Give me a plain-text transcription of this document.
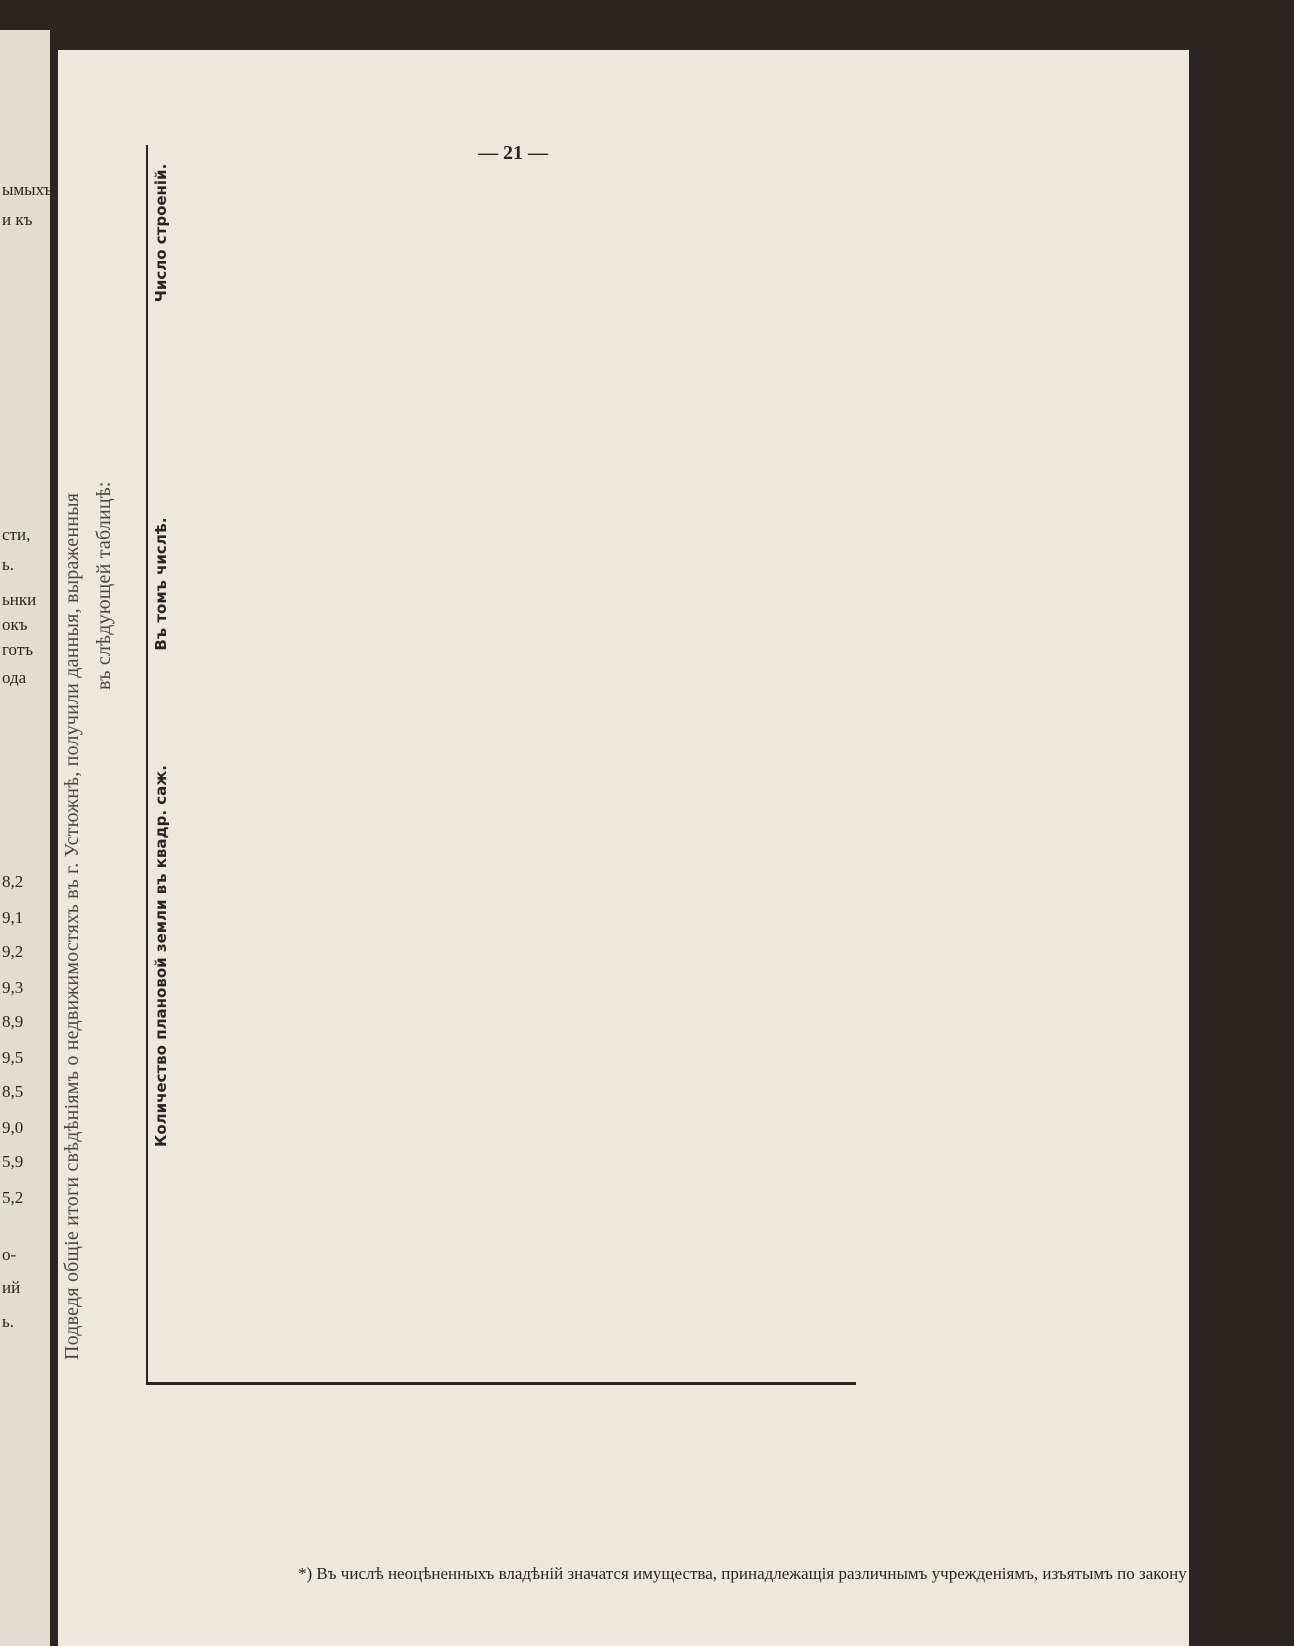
ымыхъ
и къ
сти,
ь.
ьнки
окъ
готъ
ода
8,2
9,1
9,2
9,3
8,9
9,5
8,5
9,0
5,9
5,2
о-
ий
ь.
— 21 —
Подведя общiе итоги свѣдѣнiямъ о недвижимостяхъ въ г. Устюжнѣ, получили данныя, выраженныя въ слѣдующей таблицѣ:
Количество плановой земли въ квадр. саж.
Въ томъ числѣ.
Число строенiй.
*) Въ числѣ неоцѣненныхъ владѣнiй значатся имущества, принадлежащiя различнымъ учрежденiямъ, изъятымъ по закону отъ обложенiя
